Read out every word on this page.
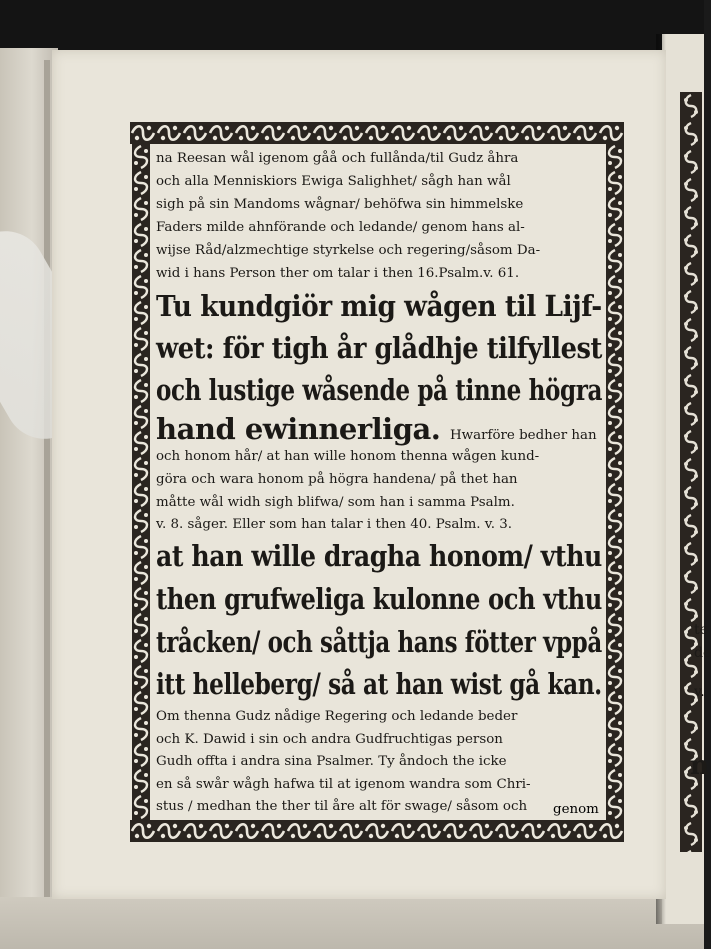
te
de
v.
n
na Reesan wål igenom gåå och fullånda/til Gudz åhra
och alla Menniskiors Ewiga Salighhet/ sågh han wål
sigh på sin Mandoms wågnar/ behöfwa sin himmelske
Faders milde ahnförande och ledande/ genom hans al-
wijse Råd/alzmechtige styrkelse och regering/såsom Da-
wid i hans Person ther om talar i then 16.Psalm.v. 61.
Tu kundgiör mig wågen til Lijf-
wet: för tigh år glådhje tilfyllest
och lustige wåsende på tinne högra
hand ewinnerliga. Hwarföre bedher han
och honom hår/ at han wille honom thenna wågen kund-
göra och wara honom på högra handena/ på thet han
måtte wål widh sigh blifwa/ som han i samma Psalm.
v. 8. såger. Eller som han talar i then 40. Psalm. v. 3.
at han wille dragha honom/ vthu
then grufweliga kulonne och vthu
tråcken/ och såttja hans fötter vppå
itt helleberg/ så at han wist gå kan.
Om thenna Gudz nådige Regering och ledande beder
och K. Dawid i sin och andra Gudfruchtigas person
Gudh offta i andra sina Psalmer. Ty åndoch the icke
en så swår wågh hafwa til at igenom wandra som Chri-
stus / medhan the ther til åre alt för swage/ såsom och	genom
